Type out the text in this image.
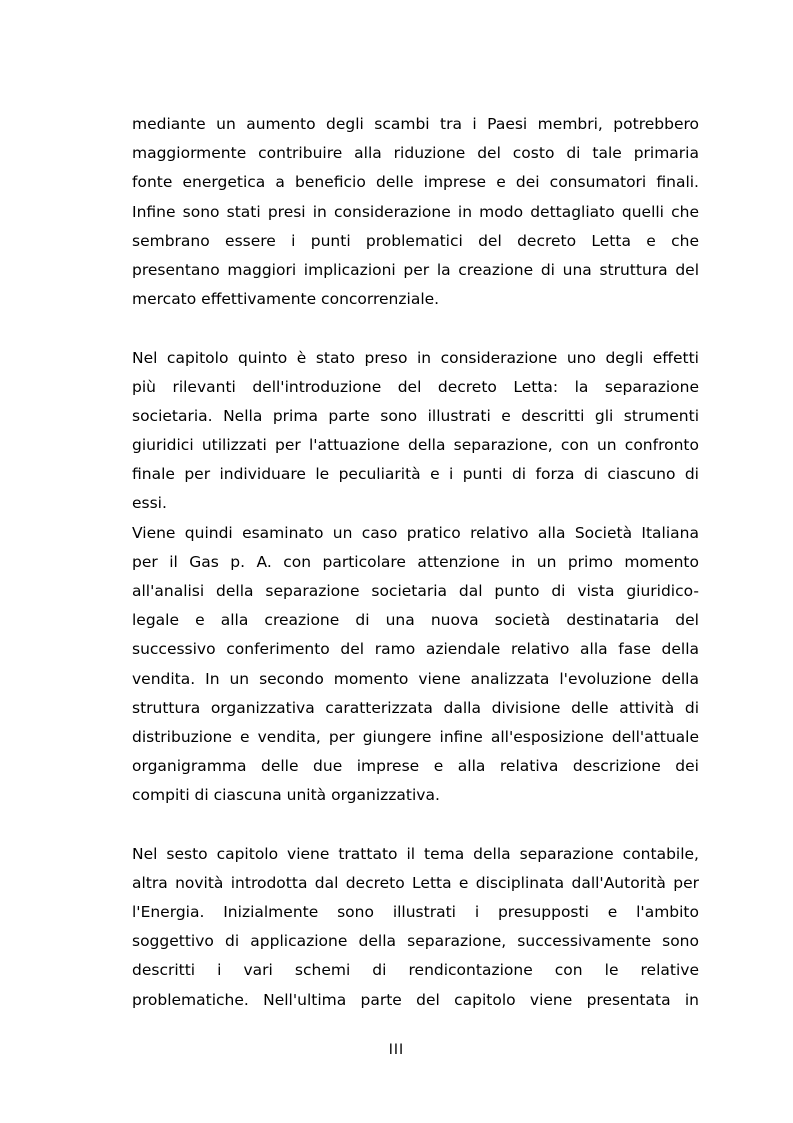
mediante un aumento degli scambi tra i Paesi membri, potrebbero
maggiormente contribuire alla riduzione del costo di tale primaria
fonte energetica a beneficio delle imprese e dei consumatori finali.
Infine sono stati presi in considerazione in modo dettagliato quelli che
sembrano essere i punti problematici del decreto Letta e che
presentano maggiori implicazioni per la creazione di una struttura del
mercato effettivamente concorrenziale.
Nel capitolo quinto è stato preso in considerazione uno degli effetti
più rilevanti dell'introduzione del decreto Letta: la separazione
societaria. Nella prima parte sono illustrati e descritti gli strumenti
giuridici utilizzati per l'attuazione della separazione, con un confronto
finale per individuare le peculiarità e i punti di forza di ciascuno di
essi.
Viene quindi esaminato un caso pratico relativo alla Società Italiana
per il Gas p. A. con particolare attenzione in un primo momento
all'analisi della separazione societaria dal punto di vista giuridico-
legale e alla creazione di una nuova società destinataria del
successivo conferimento del ramo aziendale relativo alla fase della
vendita. In un secondo momento viene analizzata l'evoluzione della
struttura organizzativa caratterizzata dalla divisione delle attività di
distribuzione e vendita, per giungere infine all'esposizione dell'attuale
organigramma delle due imprese e alla relativa descrizione dei
compiti di ciascuna unità organizzativa.
Nel sesto capitolo viene trattato il tema della separazione contabile,
altra novità introdotta dal decreto Letta e disciplinata dall'Autorità per
l'Energia. Inizialmente sono illustrati i presupposti e l'ambito
soggettivo di applicazione della separazione, successivamente sono
descritti i vari schemi di rendicontazione con le relative
problematiche. Nell'ultima parte del capitolo viene presentata in
III
